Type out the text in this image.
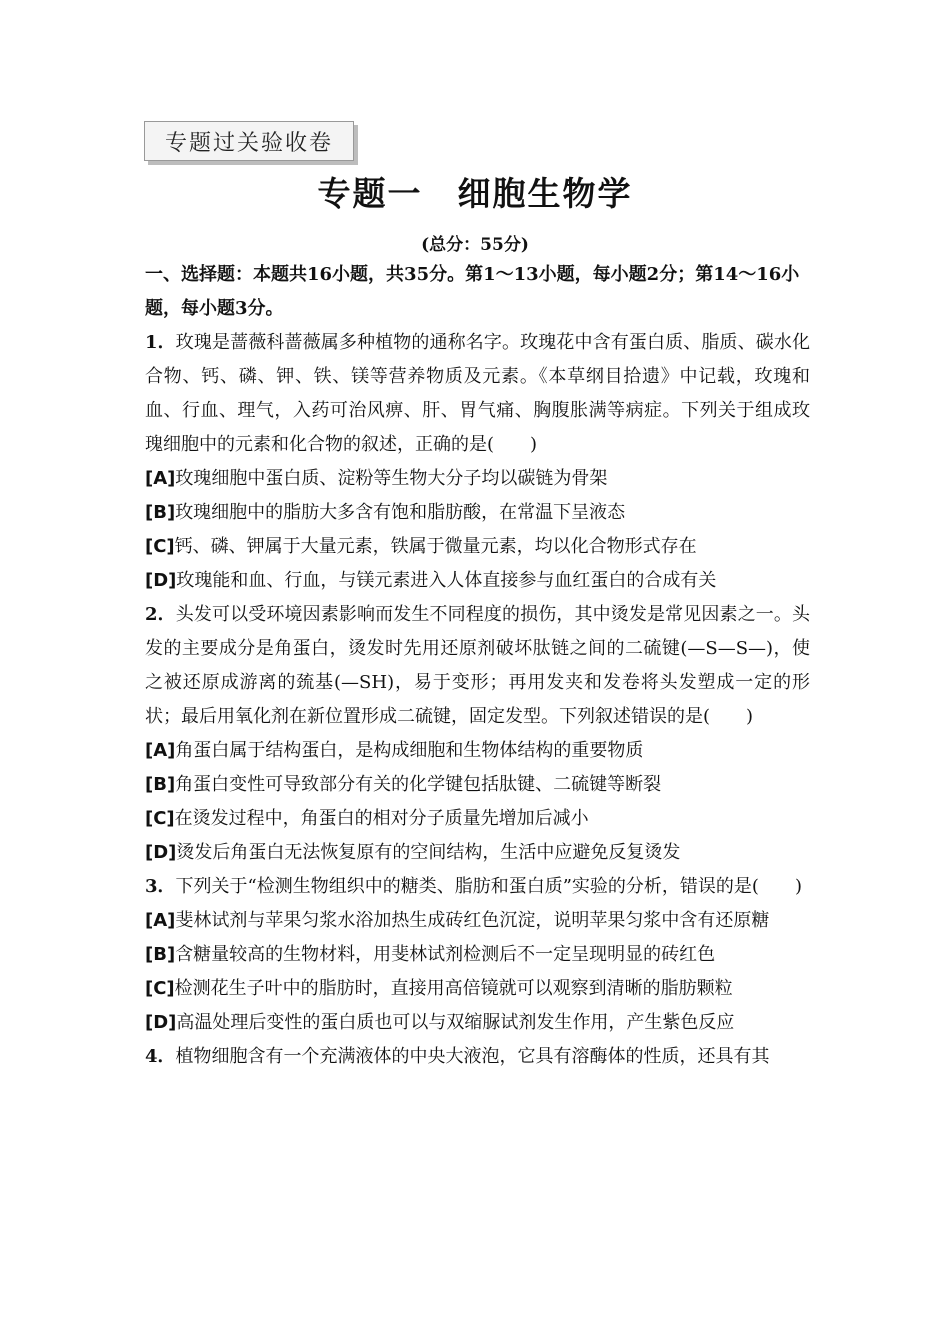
专题过关验收卷
专题一　细胞生物学
(总分：55分)

一、选择题：本题共16小题，共35分。第1～13小题，每小题2分；第14～16小题，每小题3分。

1．玫瑰是蔷薇科蔷薇属多种植物的通称名字。玫瑰花中含有蛋白质、脂质、碳水化合物、钙、磷、钾、铁、镁等营养物质及元素。《本草纲目拾遗》中记载，玫瑰和血、行血、理气，入药可治风痹、肝、胃气痛、胸腹胀满等病症。下列关于组成玫瑰细胞中的元素和化合物的叙述，正确的是(　　)

[A]玫瑰细胞中蛋白质、淀粉等生物大分子均以碳链为骨架

[B]玫瑰细胞中的脂肪大多含有饱和脂肪酸，在常温下呈液态

[C]钙、磷、钾属于大量元素，铁属于微量元素，均以化合物形式存在

[D]玫瑰能和血、行血，与镁元素进入人体直接参与血红蛋白的合成有关

2．头发可以受环境因素影响而发生不同程度的损伤，其中烫发是常见因素之一。头发的主要成分是角蛋白，烫发时先用还原剂破坏肽链之间的二硫键(—S—S—)，使之被还原成游离的巯基(—SH)，易于变形；再用发夹和发卷将头发塑成一定的形状；最后用氧化剂在新位置形成二硫键，固定发型。下列叙述错误的是(　　)

[A]角蛋白属于结构蛋白，是构成细胞和生物体结构的重要物质

[B]角蛋白变性可导致部分有关的化学键包括肽键、二硫键等断裂

[C]在烫发过程中，角蛋白的相对分子质量先增加后减小

[D]烫发后角蛋白无法恢复原有的空间结构，生活中应避免反复烫发

3．下列关于“检测生物组织中的糖类、脂肪和蛋白质”实验的分析，错误的是(　　)

[A]斐林试剂与苹果匀浆水浴加热生成砖红色沉淀，说明苹果匀浆中含有还原糖

[B]含糖量较高的生物材料，用斐林试剂检测后不一定呈现明显的砖红色

[C]检测花生子叶中的脂肪时，直接用高倍镜就可以观察到清晰的脂肪颗粒

[D]高温处理后变性的蛋白质也可以与双缩脲试剂发生作用，产生紫色反应

4．植物细胞含有一个充满液体的中央大液泡，它具有溶酶体的性质，还具有其
